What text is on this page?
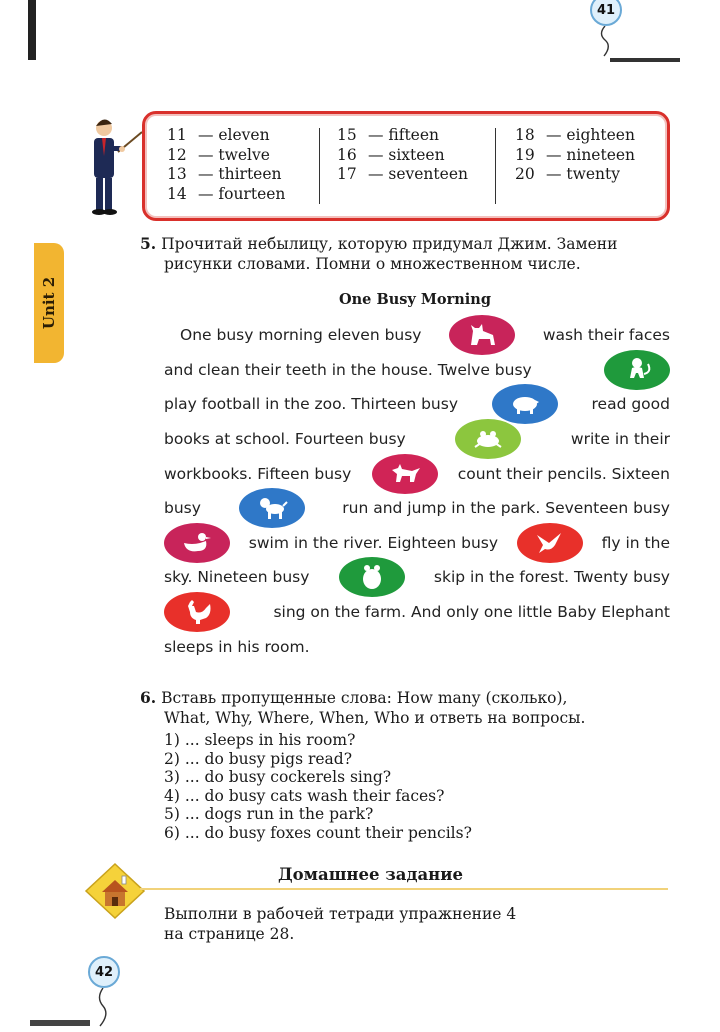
41
11 — eleven
12 — twelve
13 — thirteen
14 — fourteen
15 — fifteen
16 — sixteen
17 — seventeen
18 — eighteen
19 — nineteen
20 — twenty
Unit 2
5. Прочитай небылицу, которую придумал Джим. Замени
рисунки словами. Помни о множественном числе.
One Busy Morning
One busy morning eleven busy	wash their faces
and clean their teeth in the house. Twelve busy
play football in the zoo. Thirteen busy	read good
books at school. Fourteen busy	write in their
workbooks. Fifteen busy	count their pencils. Sixteen
busy	run and jump in the park. Seventeen busy
swim in the river. Eighteen busy	fly in the
sky. Nineteen busy	skip in the forest. Twenty busy
sing on the farm. And only one little Baby Elephant
sleeps in his room.
6. Вставь пропущенные слова: How many (сколько),
What, Why, Where, When, Who и ответь на вопросы.
1) ... sleeps in his room?
2) ... do busy pigs read?
3) ... do busy cockerels sing?
4) ... do busy cats wash their faces?
5) ... dogs run in the park?
6) ... do busy foxes count their pencils?
Домашнее задание
Выполни в рабочей тетради упражнение 4
на странице 28.
42
